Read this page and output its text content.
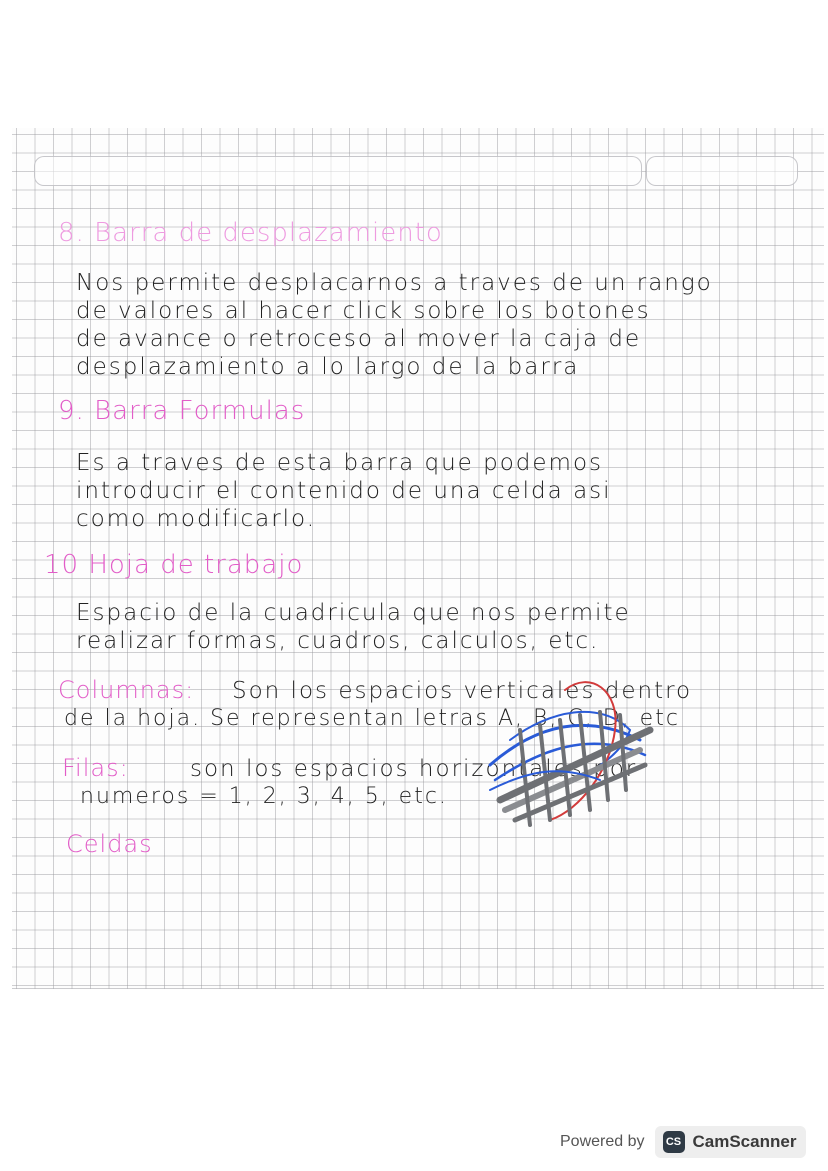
8. Barra de desplazamiento

Nos permite desplacarnos a traves de un rango

de valores al hacer click sobre los botones

de avance o retroceso al mover la caja de

desplazamiento a lo largo de la barra

9. Barra Formulas

Es a traves de esta barra que podemos

introducir el contenido de una celda asi

como modificarlo.

10 Hoja de trabajo

Espacio de la cuadricula que nos permite

realizar formas, cuadros, calculos, etc.

Columnas: Son los espacios verticales dentro

de la hoja. Se representan letras A, B, C, D, etc

Filas:	son los espacios horizontales por

numeros = 1, 2, 3, 4, 5, etc.

Celdas

Powered by	CS CamScanner
